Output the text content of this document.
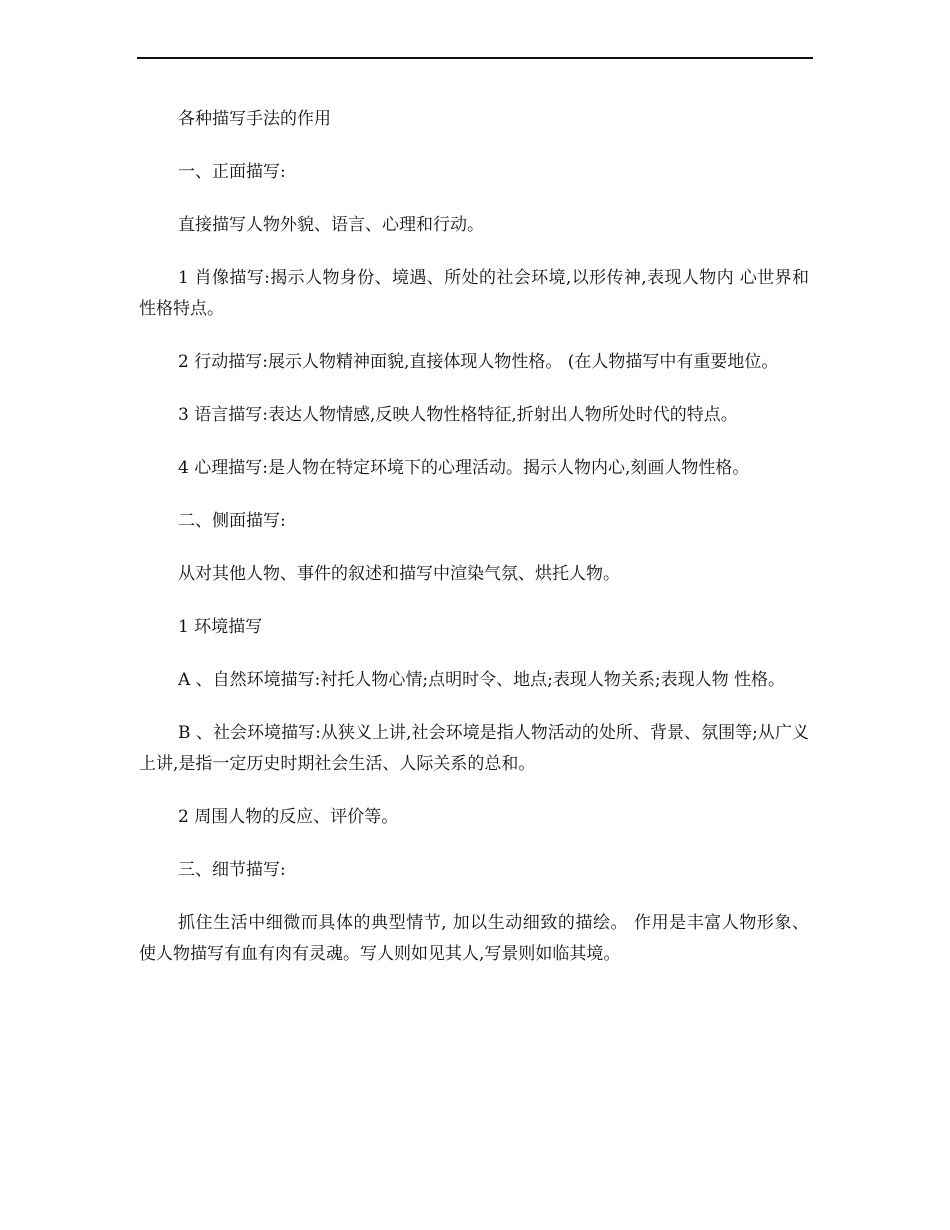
各种描写手法的作用

一、正面描写:

直接描写人物外貌、语言、心理和行动。

1 肖像描写:揭示人物身份、境遇、所处的社会环境,以形传神,表现人物内 心世界和性格特点。

2 行动描写:展示人物精神面貌,直接体现人物性格。 (在人物描写中有重要地位。

3 语言描写:表达人物情感,反映人物性格特征,折射出人物所处时代的特点。

4 心理描写:是人物在特定环境下的心理活动。揭示人物内心,刻画人物性格。

二、侧面描写:

从对其他人物、事件的叙述和描写中渲染气氛、烘托人物。

1 环境描写

A 、自然环境描写:衬托人物心情;点明时令、地点;表现人物关系;表现人物 性格。

B 、社会环境描写:从狭义上讲,社会环境是指人物活动的处所、背景、氛围等;从广义上讲,是指一定历史时期社会生活、人际关系的总和。

2 周围人物的反应、评价等。

三、细节描写:

抓住生活中细微而具体的典型情节, 加以生动细致的描绘。 作用是丰富人物形象、 使人物描写有血有肉有灵魂。写人则如见其人,写景则如临其境。
